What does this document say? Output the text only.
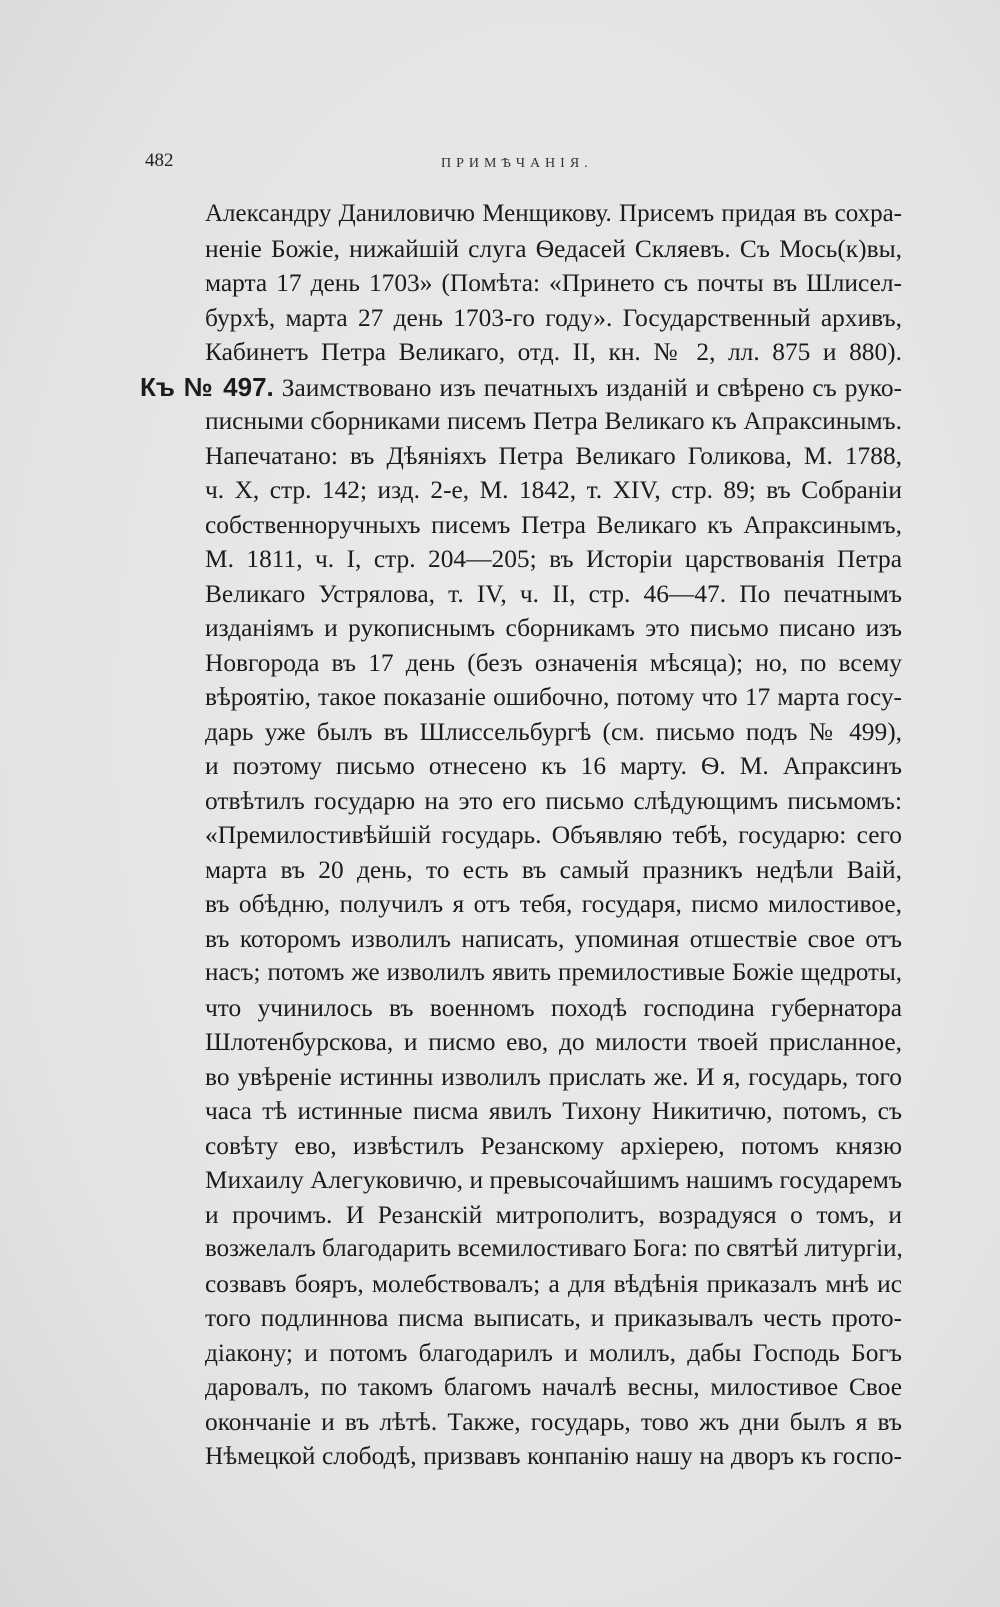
482	ПРИМѢЧАНІЯ.
Александру Даниловичю Менщикову. Присемъ придая въ сохра-
неніе Божіе, нижайшій слуга Ѳедасей Скляевъ. Съ Мось(к)вы,
марта 17 день 1703» (Помѣта: «Принето съ почты въ Шлисел-
бурхѣ, марта 27 день 1703-го году». Государственный архивъ,
Кабинетъ Петра Великаго, отд. II, кн. № 2, лл. 875 и 880).
Къ № 497. Заимствовано изъ печатныхъ изданій и свѣрено съ руко-
писными сборниками писемъ Петра Великаго къ Апраксинымъ.
Напечатано: въ Дѣяніяхъ Петра Великаго Голикова, М. 1788,
ч. X, стр. 142; изд. 2-е, М. 1842, т. XIV, стр. 89; въ Собраніи
собственноручныхъ писемъ Петра Великаго къ Апраксинымъ,
М. 1811, ч. I, стр. 204—205; въ Исторіи царствованія Петра
Великаго Устрялова, т. IV, ч. II, стр. 46—47. По печатнымъ
изданіямъ и рукописнымъ сборникамъ это письмо писано изъ
Новгорода въ 17 день (безъ означенія мѣсяца); но, по всему
вѣроятію, такое показаніе ошибочно, потому что 17 марта госу-
дарь уже былъ въ Шлиссельбургѣ (см. письмо подъ № 499),
и поэтому письмо отнесено къ 16 марту. Ѳ. М. Апраксинъ
отвѣтилъ государю на это его письмо слѣдующимъ письмомъ:
«Премилостивѣйшій государь. Объявляю тебѣ, государю: сего
марта въ 20 день, то есть въ самый празникъ недѣли Ваій,
въ обѣдню, получилъ я отъ тебя, государя, писмо милостивое,
въ которомъ изволилъ написать, упоминая отшествіе свое отъ
насъ; потомъ же изволилъ явить премилостивые Божіе щедроты,
что учинилось въ военномъ походѣ господина губернатора
Шлотенбурскова, и писмо ево, до милости твоей присланное,
во увѣреніе истинны изволилъ прислать же. И я, государь, того
часа тѣ истинные писма явилъ Тихону Никитичю, потомъ, съ
совѣту ево, извѣстилъ Резанскому архіерею, потомъ князю
Михаилу Алегуковичю, и превысочайшимъ нашимъ государемъ
и прочимъ. И Резанскій митрополитъ, возрадуяся о томъ, и
возжелалъ благодарить всемилостиваго Бога: по святѣй литургіи,
созвавъ бояръ, молебствовалъ; а для вѣдѣнія приказалъ мнѣ ис
того подлиннова писма выписать, и приказывалъ честь прото-
діакону; и потомъ благодарилъ и молилъ, дабы Господь Богъ
даровалъ, по такомъ благомъ началѣ весны, милостивое Свое
окончаніе и въ лѣтѣ. Также, государь, тово жъ дни былъ я въ
Нѣмецкой слободѣ, призвавъ конпанію нашу на дворъ къ госпо-
